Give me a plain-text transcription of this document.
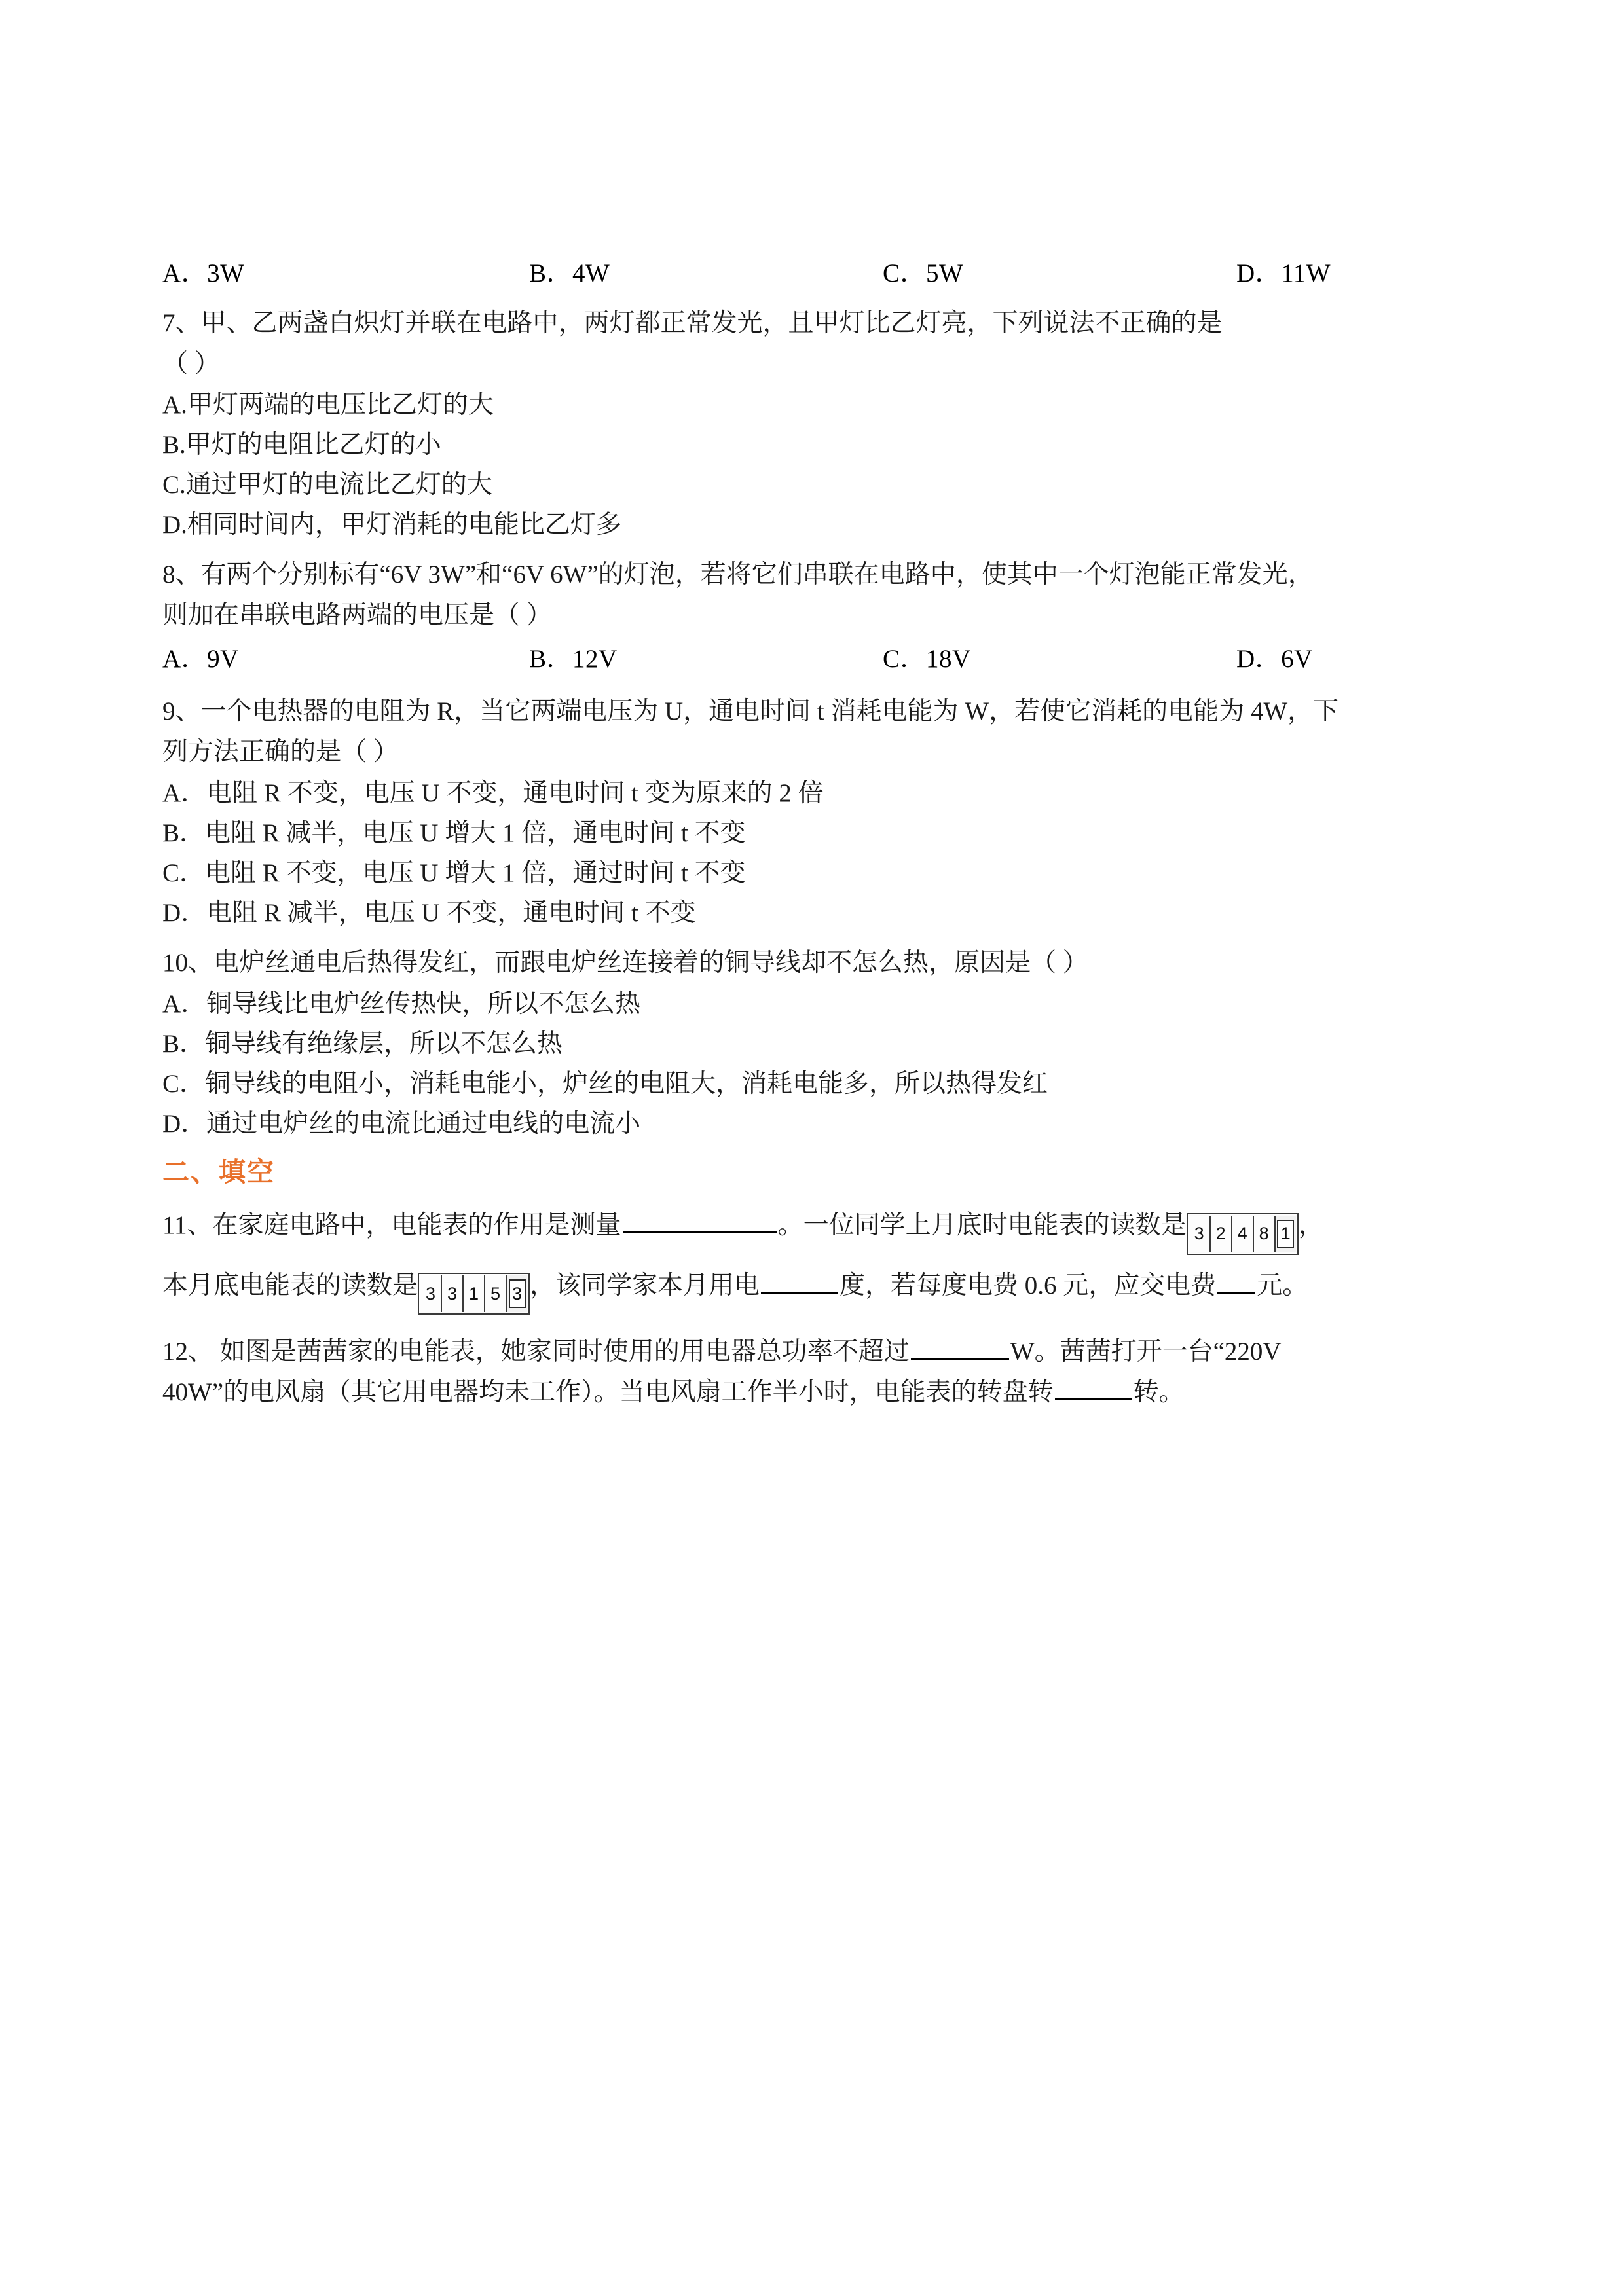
A．3W	B．4W	C．5W	D．11W
7、甲、乙两盏白炽灯并联在电路中，两灯都正常发光，且甲灯比乙灯亮，下列说法不正确的是
（ ）
A.甲灯两端的电压比乙灯的大
B.甲灯的电阻比乙灯的小
C.通过甲灯的电流比乙灯的大
D.相同时间内，甲灯消耗的电能比乙灯多
8、有两个分别标有“6V 3W”和“6V 6W”的灯泡，若将它们串联在电路中，使其中一个灯泡能正常发光，
则加在串联电路两端的电压是（ ）
A．9V	B．12V	C．18V	D．6V
9、一个电热器的电阻为 R，当它两端电压为 U，通电时间 t 消耗电能为 W，若使它消耗的电能为 4W，下
列方法正确的是（ ）
A．电阻 R 不变，电压 U 不变，通电时间 t 变为原来的 2 倍
B．电阻 R 减半，电压 U 增大 1 倍，通电时间 t 不变
C．电阻 R 不变，电压 U 增大 1 倍，通过时间 t 不变
D．电阻 R 减半，电压 U 不变，通电时间 t 不变
10、电炉丝通电后热得发红，而跟电炉丝连接着的铜导线却不怎么热，原因是（ ）
A．铜导线比电炉丝传热快，所以不怎么热
B．铜导线有绝缘层，所以不怎么热
C．铜导线的电阻小，消耗电能小，炉丝的电阻大，消耗电能多，所以热得发红
D．通过电炉丝的电流比通过电线的电流小
二、填空
11、在家庭电路中，电能表的作用是测量	。一位同学上月底时电能表的读数是 3 2 4 8 1 ，
本月底电能表的读数是 3 3 1 5 3 ，该同学家本月用电	度，若每度电费 0.6 元，应交电费 元。
12、 如图是茜茜家的电能表，她家同时使用的用电器总功率不超过	W。茜茜打开一台“220V
40W”的电风扇（其它用电器均未工作）。当电风扇工作半小时，电能表的转盘转	转。
